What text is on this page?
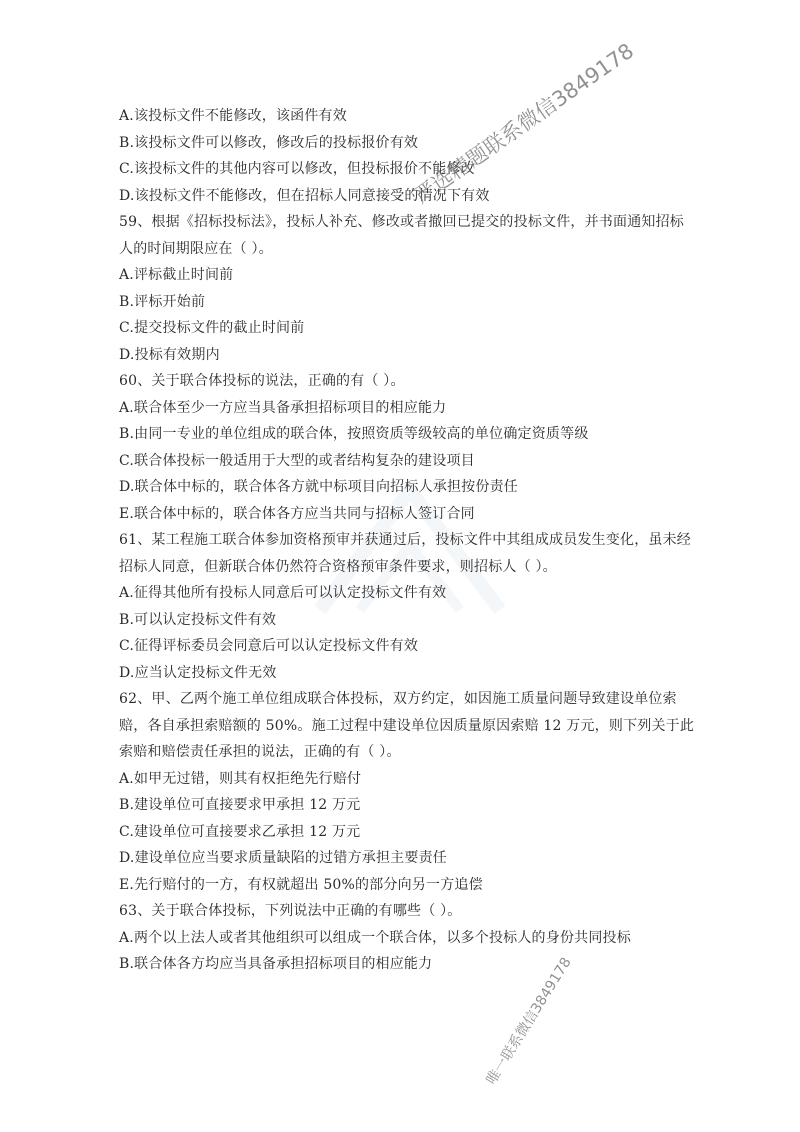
A.该投标文件不能修改，该函件有效
B.该投标文件可以修改，修改后的投标报价有效
C.该投标文件的其他内容可以修改，但投标报价不能修改
D.该投标文件不能修改，但在招标人同意接受的情况下有效
59、根据《招标投标法》，投标人补充、修改或者撤回已提交的投标文件，并书面通知招标人的时间期限应在（ ）。
A.评标截止时间前
B.评标开始前
C.提交投标文件的截止时间前
D.投标有效期内
60、关于联合体投标的说法，正确的有（ ）。
A.联合体至少一方应当具备承担招标项目的相应能力
B.由同一专业的单位组成的联合体，按照资质等级较高的单位确定资质等级
C.联合体投标一般适用于大型的或者结构复杂的建设项目
D.联合体中标的，联合体各方就中标项目向招标人承担按份责任
E.联合体中标的，联合体各方应当共同与招标人签订合同
61、某工程施工联合体参加资格预审并获通过后，投标文件中其组成成员发生变化，虽未经招标人同意，但新联合体仍然符合资格预审条件要求，则招标人（ ）。
A.征得其他所有投标人同意后可以认定投标文件有效
B.可以认定投标文件有效
C.征得评标委员会同意后可以认定投标文件有效
D.应当认定投标文件无效
62、甲、乙两个施工单位组成联合体投标，双方约定，如因施工质量问题导致建设单位索赔，各自承担索赔额的 50%。施工过程中建设单位因质量原因索赔 12 万元，则下列关于此索赔和赔偿责任承担的说法，正确的有（ ）。
A.如甲无过错，则其有权拒绝先行赔付
B.建设单位可直接要求甲承担 12 万元
C.建设单位可直接要求乙承担 12 万元
D.建设单位应当要求质量缺陷的过错方承担主要责任
E.先行赔付的一方，有权就超出 50%的部分向另一方追偿
63、关于联合体投标，下列说法中正确的有哪些（ ）。
A.两个以上法人或者其他组织可以组成一个联合体，以多个投标人的身份共同投标
B.联合体各方均应当具备承担招标项目的相应能力
严选精题联系微信3849178
唯一联系微信3849178
